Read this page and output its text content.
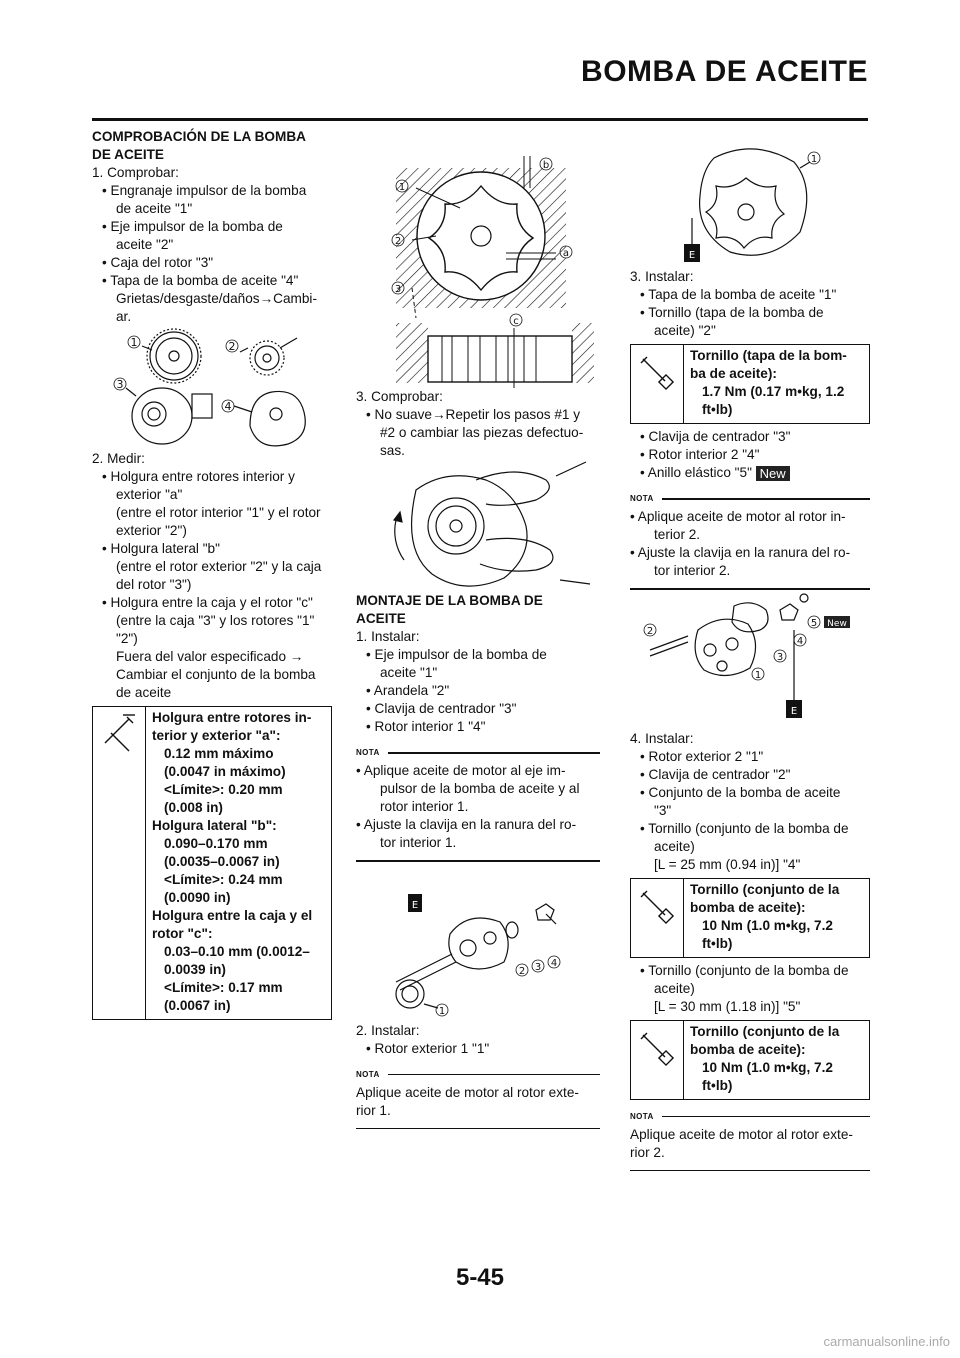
BOMBA DE ACEITE
COMPROBACIÓN DE LA BOMBA
DE ACEITE
1. Comprobar:
• Engranaje impulsor de la bomba
de aceite "1"
• Eje impulsor de la bomba de
aceite "2"
• Caja del rotor "3"
• Tapa de la bomba de aceite "4"
Grietas/desgaste/daños→Cambi-
ar.
1	2
3
4
2. Medir:
• Holgura entre rotores interior y
exterior "a"
(entre el rotor interior "1" y el rotor
exterior "2")
• Holgura lateral "b"
(entre el rotor exterior "2" y la caja
del rotor "3")
• Holgura entre la caja y el rotor "c"
(entre la caja "3" y los rotores "1"
"2")
Fuera del valor especificado →
Cambiar el conjunto de la bomba
de aceite
Holgura entre rotores in-
terior y exterior "a":
0.12 mm máximo
(0.0047 in máximo)
<Límite>: 0.20 mm
(0.008 in)
Holgura lateral "b":
0.090–0.170 mm
(0.0035–0.0067 in)
<Límite>: 0.24 mm
(0.0090 in)
Holgura entre la caja y el
rotor "c":
0.03–0.10 mm (0.0012–
0.0039 in)
<Límite>: 0.17 mm
(0.0067 in)
b
1
2
a
3
c
3. Comprobar:
• No suave→Repetir los pasos #1 y
#2 o cambiar las piezas defectuo-
sas.
MONTAJE DE LA BOMBA DE
ACEITE
1. Instalar:
• Eje impulsor de la bomba de
aceite "1"
• Arandela "2"
• Clavija de centrador "3"
• Rotor interior 1 "4"
NOTA
• Aplique aceite de motor al eje im-
pulsor de la bomba de aceite y al
rotor interior 1.
• Ajuste la clavija en la ranura del ro-
tor interior 1.
E
2 3 4
1
2. Instalar:
• Rotor exterior 1 "1"
NOTA
Aplique aceite de motor al rotor exte-
rior 1.
1
E
3. Instalar:
• Tapa de la bomba de aceite "1"
• Tornillo (tapa de la bomba de
aceite) "2"
Tornillo (tapa de la bom-
ba de aceite):
1.7 Nm (0.17 m•kg, 1.2
ft•lb)
• Clavija de centrador "3"
• Rotor interior 2 "4"
• Anillo elástico "5" New
NOTA
• Aplique aceite de motor al rotor in-
terior 2.
• Ajuste la clavija en la ranura del ro-
tor interior 2.
2
5 New
4
3
1
E
4. Instalar:
• Rotor exterior 2 "1"
• Clavija de centrador "2"
• Conjunto de la bomba de aceite
"3"
• Tornillo (conjunto de la bomba de
aceite)
[L = 25 mm (0.94 in)] "4"
Tornillo (conjunto de la
bomba de aceite):
10 Nm (1.0 m•kg, 7.2
ft•lb)
• Tornillo (conjunto de la bomba de
aceite)
[L = 30 mm (1.18 in)] "5"
Tornillo (conjunto de la
bomba de aceite):
10 Nm (1.0 m•kg, 7.2
ft•lb)
NOTA
Aplique aceite de motor al rotor exte-
rior 2.
5-45
carmanualsonline.info
